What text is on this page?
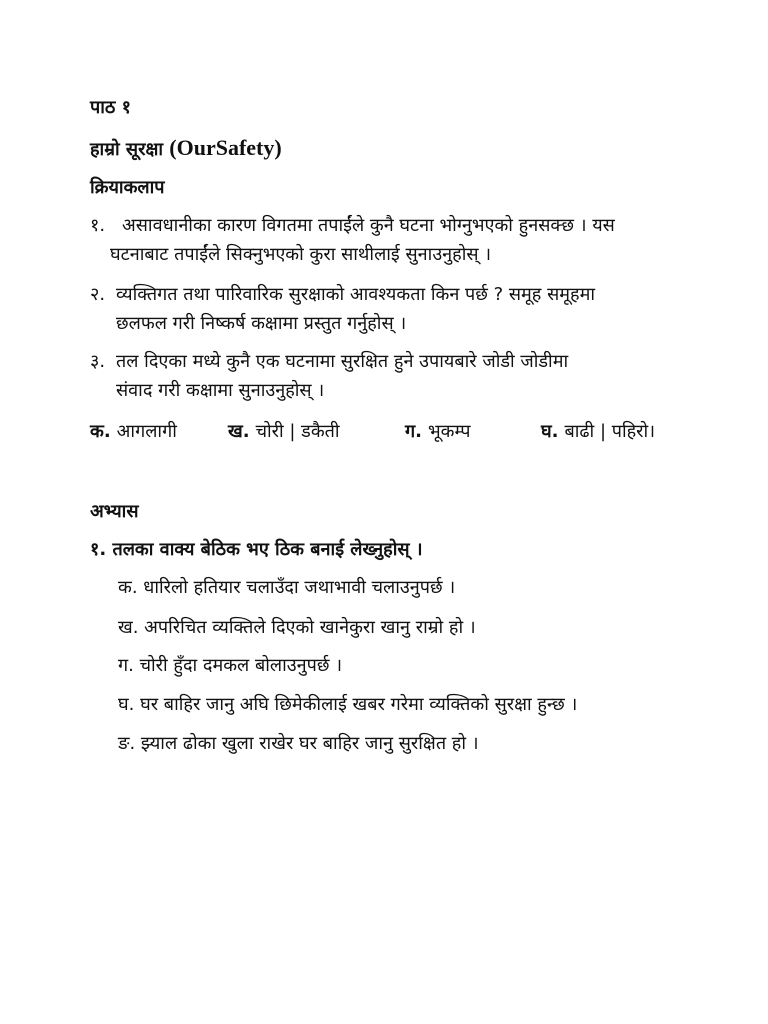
पाठ १
हाम्रो सूरक्षा (OurSafety)
क्रियाकलाप
१. असावधानीका कारण विगतमा तपाईंले कुनै घटना भोग्नुभएको हुनसक्छ । यस
घटनाबाट तपाईंले सिक्नुभएको कुरा साथीलाई सुनाउनुहोस् ।
२. व्यक्तिगत तथा पारिवारिक सुरक्षाको आवश्यकता किन पर्छ ? समूह समूहमा
छलफल गरी निष्कर्ष कक्षामा प्रस्तुत गर्नुहोस् ।
३. तल दिएका मध्ये कुनै एक घटनामा सुरक्षित हुने उपायबारे जोडी जोडीमा
संवाद गरी कक्षामा सुनाउनुहोस् ।
क. आगलागी	ख. चोरी | डकैती	ग. भूकम्प	घ. बाढी | पहिरो।
अभ्यास
१. तलका वाक्य बेठिक भए ठिक बनाई लेख्नुहोस् ।
क. धारिलो हतियार चलाउँदा जथाभावी चलाउनुपर्छ ।
ख. अपरिचित व्यक्तिले दिएको खानेकुरा खानु राम्रो हो ।
ग. चोरी हुँदा दमकल बोलाउनुपर्छ ।
घ. घर बाहिर जानु अघि छिमेकीलाई खबर गरेमा व्यक्तिको सुरक्षा हुन्छ ।
ङ. झ्याल ढोका खुला राखेर घर बाहिर जानु सुरक्षित हो ।
